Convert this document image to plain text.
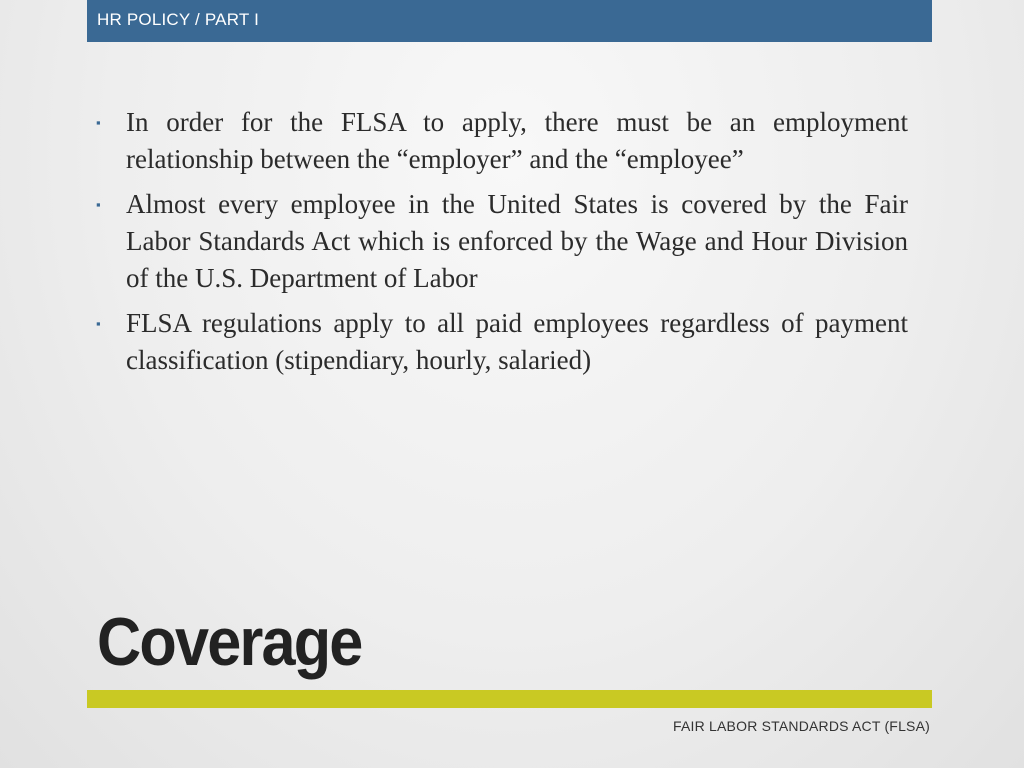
HR POLICY / PART I
▪ In order for the FLSA to apply, there must be an employment relationship between the “employer” and the “employee”
▪ Almost every employee in the United States is covered by the Fair Labor Standards Act which is enforced by the Wage and Hour Division of the U.S. Department of Labor
▪ FLSA regulations apply to all paid employees regardless of payment classification (stipendiary, hourly, salaried)
Coverage
FAIR LABOR STANDARDS ACT (FLSA)
